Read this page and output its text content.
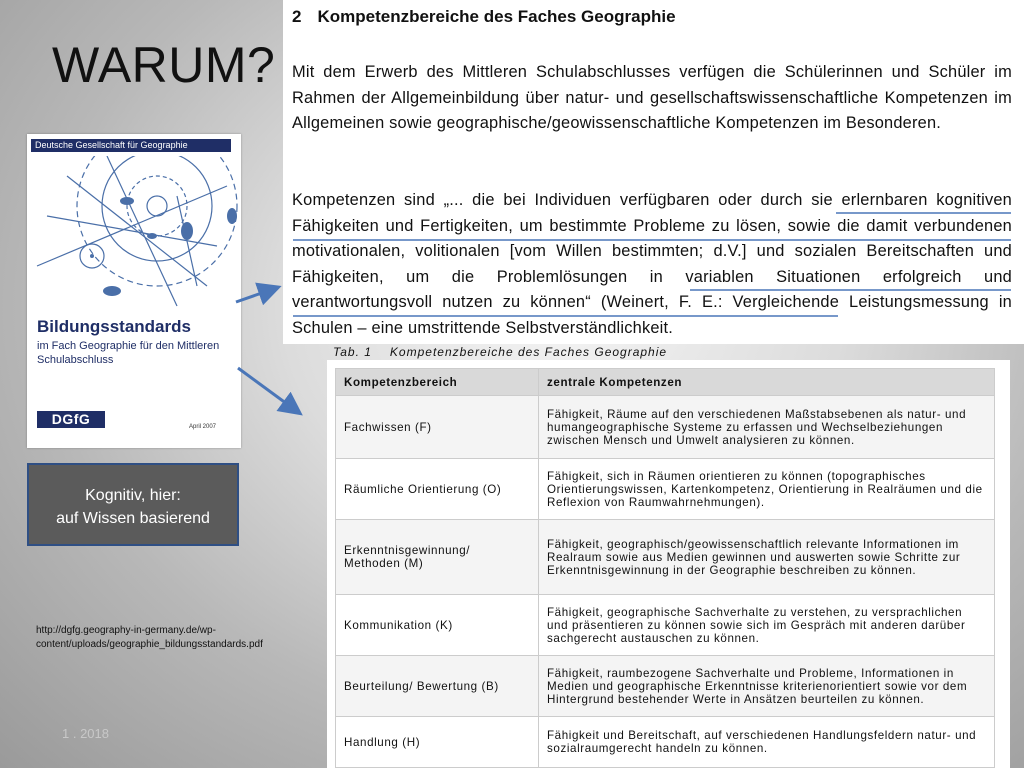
WARUM?
Deutsche Gesellschaft für Geographie
Bildungsstandards
im Fach Geographie für den Mittleren Schulabschluss
DGfG	April 2007
Kognitiv, hier:
auf Wissen basierend
http://dgfg.geography-in-germany.de/wp-content/uploads/geographie_bildungsstandards.pdf
1 . 2018
2 Kompetenzbereiche des Faches Geographie
Mit dem Erwerb des Mittleren Schulabschlusses verfügen die Schülerinnen und Schüler im Rahmen der Allgemeinbildung über natur- und gesellschaftswissenschaftliche Kompetenzen im Allgemeinen sowie geographische/geowissenschaftliche Kompetenzen im Besonderen.
Kompetenzen sind „... die bei Individuen verfügbaren oder durch sie erlernbaren kognitiven Fähigkeiten und Fertigkeiten, um bestimmte Probleme zu lösen, sowie die damit verbundenen motivationalen, volitionalen [vom Willen bestimmten; d.V.] und sozialen Bereitschaften und Fähigkeiten, um die Problemlösungen in variablen Situationen erfolgreich und verantwortungsvoll nutzen zu können“ (Weinert, F. E.: Vergleichende Leistungsmessung in Schulen – eine umstrittende Selbstverständlichkeit.
Tab. 1 Kompetenzbereiche des Faches Geographie
Kompetenzbereich	zentrale Kompetenzen
Fachwissen (F)	Fähigkeit, Räume auf den verschiedenen Maßstabsebenen als natur- und humangeographische Systeme zu erfassen und Wechselbeziehungen zwischen Mensch und Umwelt analysieren zu können.
Räumliche Orientierung (O)	Fähigkeit, sich in Räumen orientieren zu können (topographisches Orientierungswissen, Kartenkompetenz, Orientierung in Realräumen und die Reflexion von Raumwahrnehmungen).
Erkenntnisgewinnung/ Methoden (M)	Fähigkeit, geographisch/geowissenschaftlich relevante Informationen im Realraum sowie aus Medien gewinnen und auswerten sowie Schritte zur Erkenntnisgewinnung in der Geographie beschreiben zu können.
Kommunikation (K)	Fähigkeit, geographische Sachverhalte zu verstehen, zu versprachlichen und präsentieren zu können sowie sich im Gespräch mit anderen darüber sachgerecht austauschen zu können.
Beurteilung/ Bewertung (B)	Fähigkeit, raumbezogene Sachverhalte und Probleme, Informationen in Medien und geographische Erkenntnisse kriterienorientiert sowie vor dem Hintergrund bestehender Werte in Ansätzen beurteilen zu können.
Handlung (H)	Fähigkeit und Bereitschaft, auf verschiedenen Handlungsfeldern natur- und sozialraumgerecht handeln zu können.
